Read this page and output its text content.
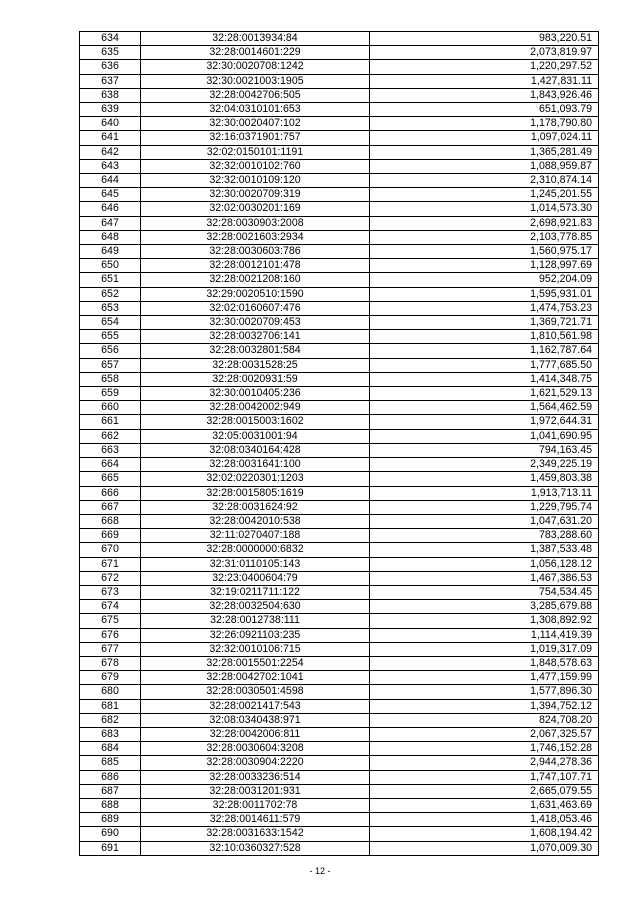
634	32:28:0013934:84	983,220.51
635	32:28:0014601:229	2,073,819.97
636	32:30:0020708:1242	1,220,297.52
637	32:30:0021003:1905	1,427,831.11
638	32:28:0042706:505	1,843,926.46
639	32:04:0310101:653	651,093.79
640	32:30:0020407:102	1,178,790.80
641	32:16:0371901:757	1,097,024.11
642	32:02:0150101:1191	1,365,281.49
643	32:32:0010102:760	1,088,959.87
644	32:32:0010109:120	2,310,874.14
645	32:30:0020709:319	1,245,201.55
646	32:02:0030201:169	1,014,573.30
647	32:28:0030903:2008	2,698,921.83
648	32:28:0021603:2934	2,103,778.85
649	32:28:0030603:786	1,560,975.17
650	32:28:0012101:478	1,128,997.69
651	32:28:0021208:160	952,204.09
652	32:29:0020510:1590	1,595,931.01
653	32:02:0160607:476	1,474,753.23
654	32:30:0020709:453	1,369,721.71
655	32:28:0032706:141	1,810,561.98
656	32:28:0032801:584	1,162,787.64
657	32:28:0031528:25	1,777,685.50
658	32:28:0020931:59	1,414,348.75
659	32:30:0010405:236	1,621,529.13
660	32:28:0042002:949	1,564,462.59
661	32:28:0015003:1602	1,972,644.31
662	32:05:0031001:94	1,041,690.95
663	32:08:0340164:428	794,163.45
664	32:28:0031641:100	2,349,225.19
665	32:02:0220301:1203	1,459,803.38
666	32:28:0015805:1619	1,913,713.11
667	32:28:0031624:92	1,229,795.74
668	32:28:0042010:538	1,047,631.20
669	32:11:0270407:188	783,288.60
670	32:28:0000000:6832	1,387,533.48
671	32:31:0110105:143	1,056,128.12
672	32:23:0400604:79	1,467,386.53
673	32:19:0211711:122	754,534.45
674	32:28:0032504:630	3,285,679.88
675	32:28:0012738:111	1,308,892.92
676	32:26:0921103:235	1,114,419.39
677	32:32:0010106:715	1,019,317.09
678	32:28:0015501:2254	1,848,578.63
679	32:28:0042702:1041	1,477,159.99
680	32:28:0030501:4598	1,577,896.30
681	32:28:0021417:543	1,394,752.12
682	32:08:0340438:971	824,708.20
683	32:28:0042006:811	2,067,325.57
684	32:28:0030604:3208	1,746,152.28
685	32:28:0030904:2220	2,944,278.36
686	32:28:0033236:514	1,747,107.71
687	32:28:0031201:931	2,665,079.55
688	32:28:0011702:78	1,631,463.69
689	32:28:0014611:579	1,418,053.46
690	32:28:0031633:1542	1,608,194.42
691	32:10:0360327:528	1,070,009.30
- 12 -
